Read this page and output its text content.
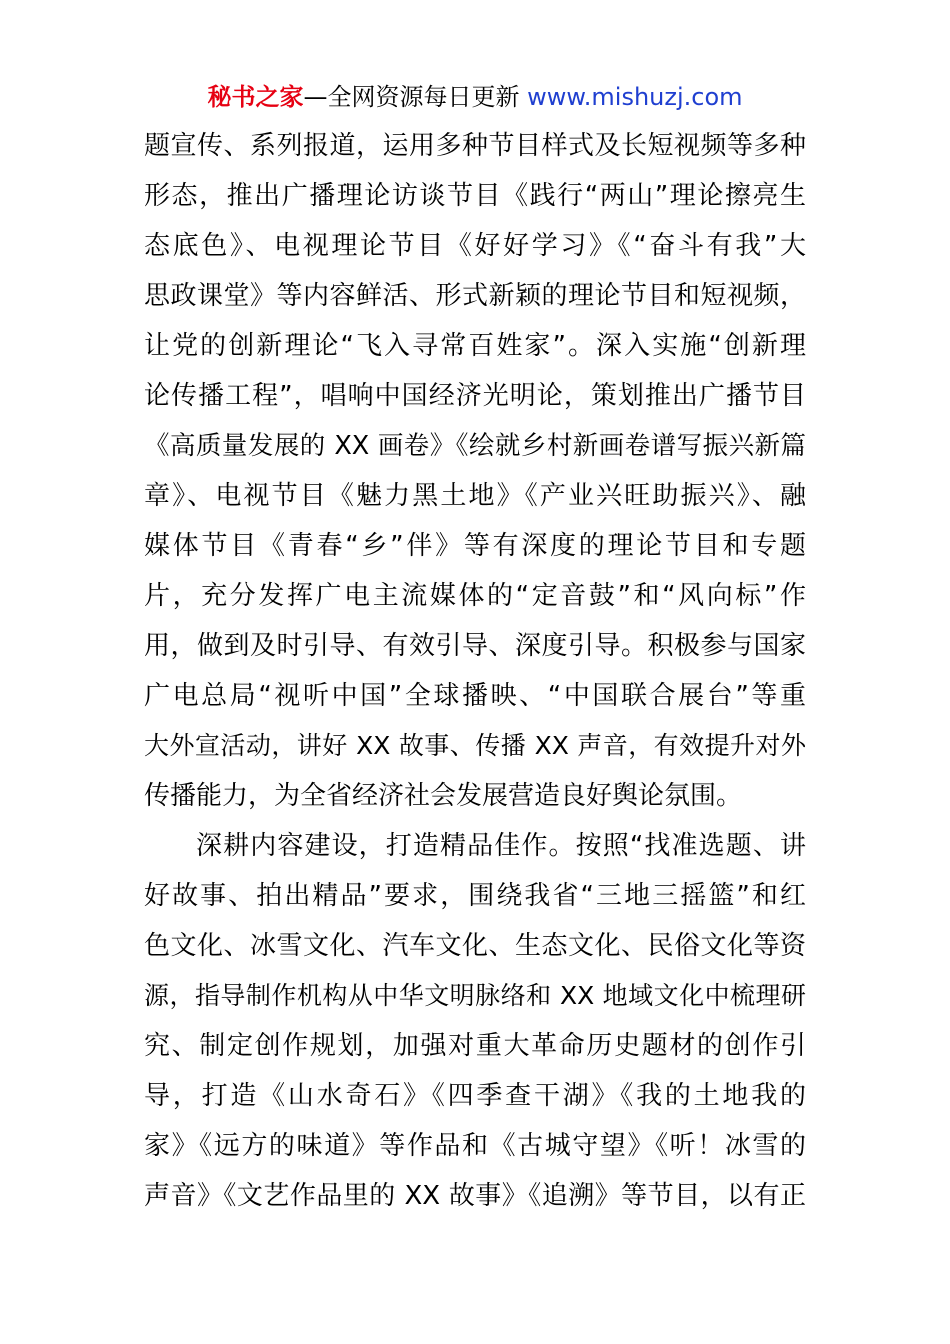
秘书之家—全网资源每日更新 www.mishuzj.com
题宣传、系列报道，运用多种节目样式及长短视频等多种
形态，推出广播理论访谈节目《践行“两山”理论擦亮生
态底色》、电视理论节目《好好学习》《“奋斗有我”大
思政课堂》等内容鲜活、形式新颖的理论节目和短视频，
让党的创新理论“飞入寻常百姓家”。深入实施“创新理
论传播工程”，唱响中国经济光明论，策划推出广播节目
《高质量发展的 XX 画卷》《绘就乡村新画卷谱写振兴新篇
章》、电视节目《魅力黑土地》《产业兴旺助振兴》、融
媒体节目《青春“乡”伴》等有深度的理论节目和专题
片，充分发挥广电主流媒体的“定音鼓”和“风向标”作
用，做到及时引导、有效引导、深度引导。积极参与国家
广电总局“视听中国”全球播映、“中国联合展台”等重
大外宣活动，讲好 XX 故事、传播 XX 声音，有效提升对外
传播能力，为全省经济社会发展营造良好舆论氛围。
深耕内容建设，打造精品佳作。按照“找准选题、讲
好故事、拍出精品”要求，围绕我省“三地三摇篮”和红
色文化、冰雪文化、汽车文化、生态文化、民俗文化等资
源，指导制作机构从中华文明脉络和 XX 地域文化中梳理研
究、制定创作规划，加强对重大革命历史题材的创作引
导，打造《山水奇石》《四季查干湖》《我的土地我的
家》《远方的味道》等作品和《古城守望》《听！冰雪的
声音》《文艺作品里的 XX 故事》《追溯》等节目，以有正
